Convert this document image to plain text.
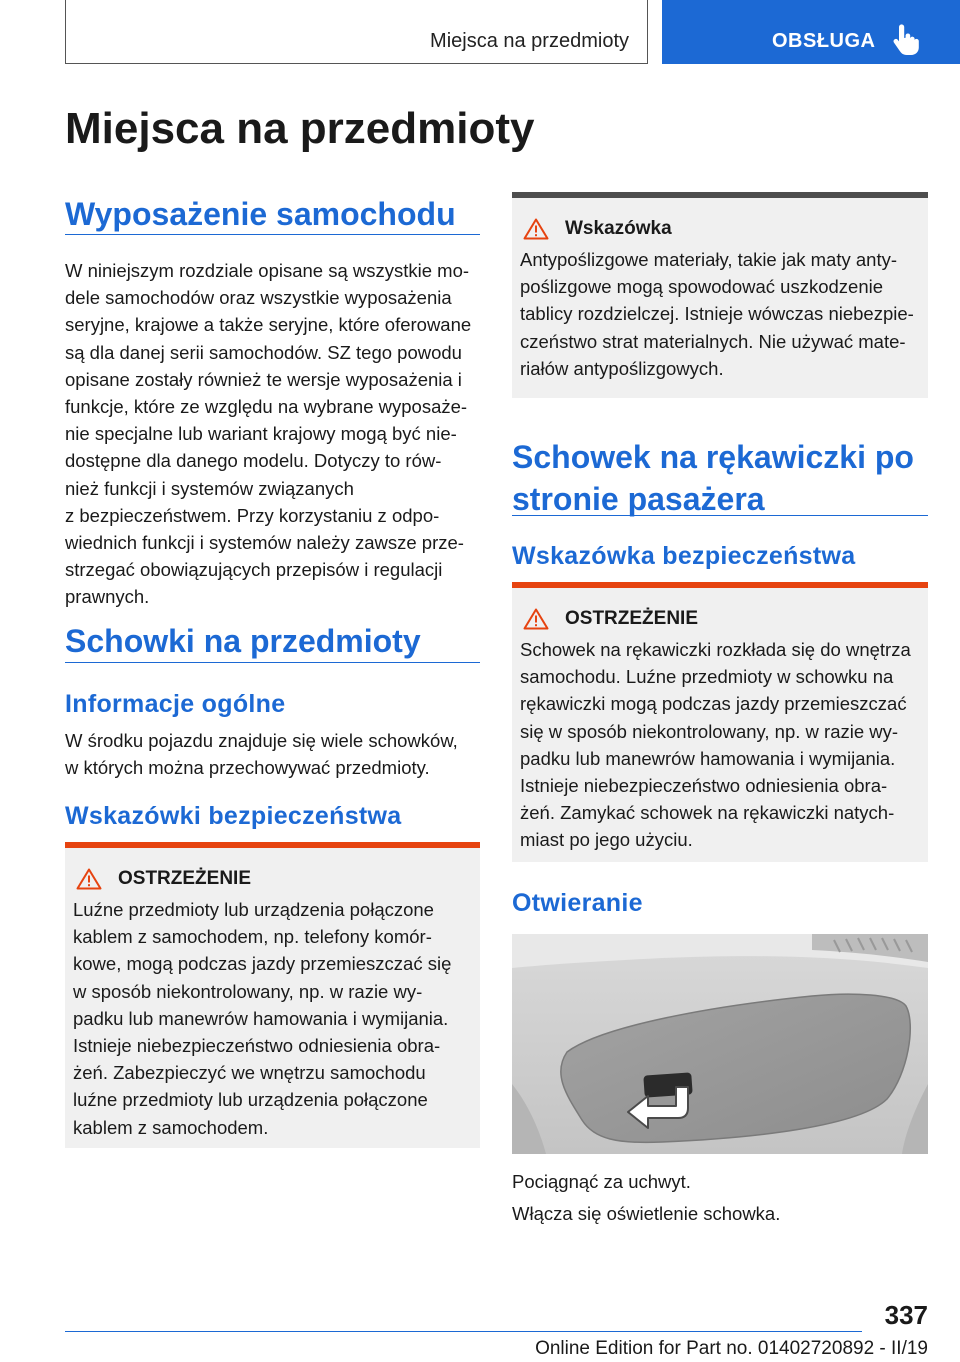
Miejsca na przedmioty	OBSŁUGA
Miejsca na przedmioty
Wyposażenie samochodu
W niniejszym rozdziale opisane są wszystkie mo-
dele samochodów oraz wszystkie wyposażenia
seryjne, krajowe a także seryjne, które oferowane
są dla danej serii samochodów. SZ tego powodu
opisane zostały również te wersje wyposażenia i
funkcje, które ze względu na wybrane wyposaże-
nie specjalne lub wariant krajowy mogą być nie-
dostępne dla danego modelu. Dotyczy to rów-
nież funkcji i systemów związanych
z bezpieczeństwem. Przy korzystaniu z odpo-
wiednich funkcji i systemów należy zawsze prze-
strzegać obowiązujących przepisów i regulacji
prawnych.
Schowki na przedmioty
Informacje ogólne
W środku pojazdu znajduje się wiele schowków,
w których można przechowywać przedmioty.
Wskazówki bezpieczeństwa
OSTRZEŻENIE
Luźne przedmioty lub urządzenia połączone
kablem z samochodem, np. telefony komór-
kowe, mogą podczas jazdy przemieszczać się
w sposób niekontrolowany, np. w razie wy-
padku lub manewrów hamowania i wymijania.
Istnieje niebezpieczeństwo odniesienia obra-
żeń. Zabezpieczyć we wnętrzu samochodu
luźne przedmioty lub urządzenia połączone
kablem z samochodem.
Wskazówka
Antypoślizgowe materiały, takie jak maty anty-
poślizgowe mogą spowodować uszkodzenie
tablicy rozdzielczej. Istnieje wówczas niebezpie-
czeństwo strat materialnych. Nie używać mate-
riałów antypoślizgowych.
Schowek na rękawiczki po
stronie pasażera
Wskazówka bezpieczeństwa
OSTRZEŻENIE
Schowek na rękawiczki rozkłada się do wnętrza
samochodu. Luźne przedmioty w schowku na
rękawiczki mogą podczas jazdy przemieszczać
się w sposób niekontrolowany, np. w razie wy-
padku lub manewrów hamowania i wymijania.
Istnieje niebezpieczeństwo odniesienia obra-
żeń. Zamykać schowek na rękawiczki natych-
miast po jego użyciu.
Otwieranie
Pociągnąć za uchwyt.
Włącza się oświetlenie schowka.
337
Online Edition for Part no. 01402720892 - II/19
